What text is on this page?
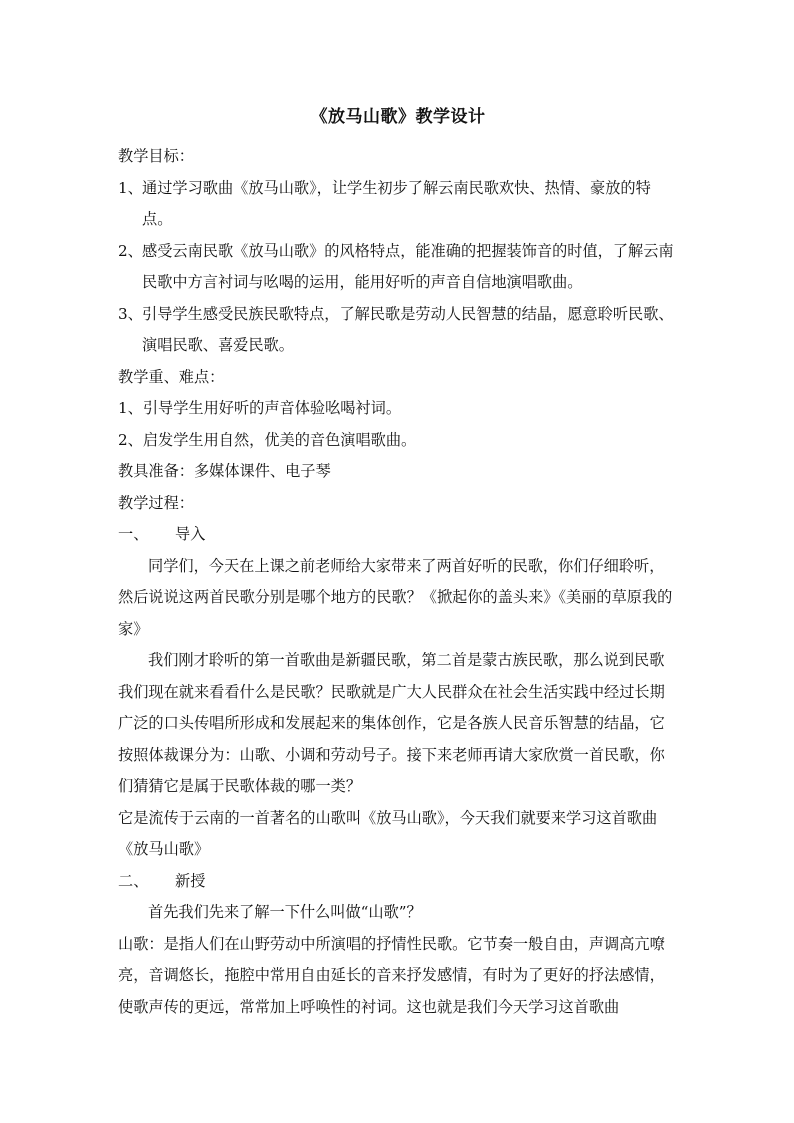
《放马山歌》教学设计

教学目标：

1、 通过学习歌曲《放马山歌》，让学生初步了解云南民歌欢快、热情、豪放的特点。

2、 感受云南民歌《放马山歌》的风格特点，能准确的把握装饰音的时值，了解云南民歌中方言衬词与吆喝的运用，能用好听的声音自信地演唱歌曲。

3、 引导学生感受民族民歌特点，了解民歌是劳动人民智慧的结晶，愿意聆听民歌、演唱民歌、喜爱民歌。

教学重、难点：

1、引导学生用好听的声音体验吆喝衬词。

2、启发学生用自然，优美的音色演唱歌曲。

教具准备：多媒体课件、电子琴

教学过程：

一、	导入

同学们，今天在上课之前老师给大家带来了两首好听的民歌，你们仔细聆听，然后说说这两首民歌分别是哪个地方的民歌？《掀起你的盖头来》《美丽的草原我的家》

我们刚才聆听的第一首歌曲是新疆民歌，第二首是蒙古族民歌，那么说到民歌我们现在就来看看什么是民歌？民歌就是广大人民群众在社会生活实践中经过长期广泛的口头传唱所形成和发展起来的集体创作，它是各族人民音乐智慧的结晶，它按照体裁课分为：山歌、小调和劳动号子。接下来老师再请大家欣赏一首民歌，你们猜猜它是属于民歌体裁的哪一类？

它是流传于云南的一首著名的山歌叫《放马山歌》，今天我们就要来学习这首歌曲《放马山歌》

二、	新授

首先我们先来了解一下什么叫做“山歌”？

山歌：是指人们在山野劳动中所演唱的抒情性民歌。它节奏一般自由，声调高亢嘹亮，音调悠长，拖腔中常用自由延长的音来抒发感情，有时为了更好的抒法感情，使歌声传的更远，常常加上呼唤性的衬词。这也就是我们今天学习这首歌曲
